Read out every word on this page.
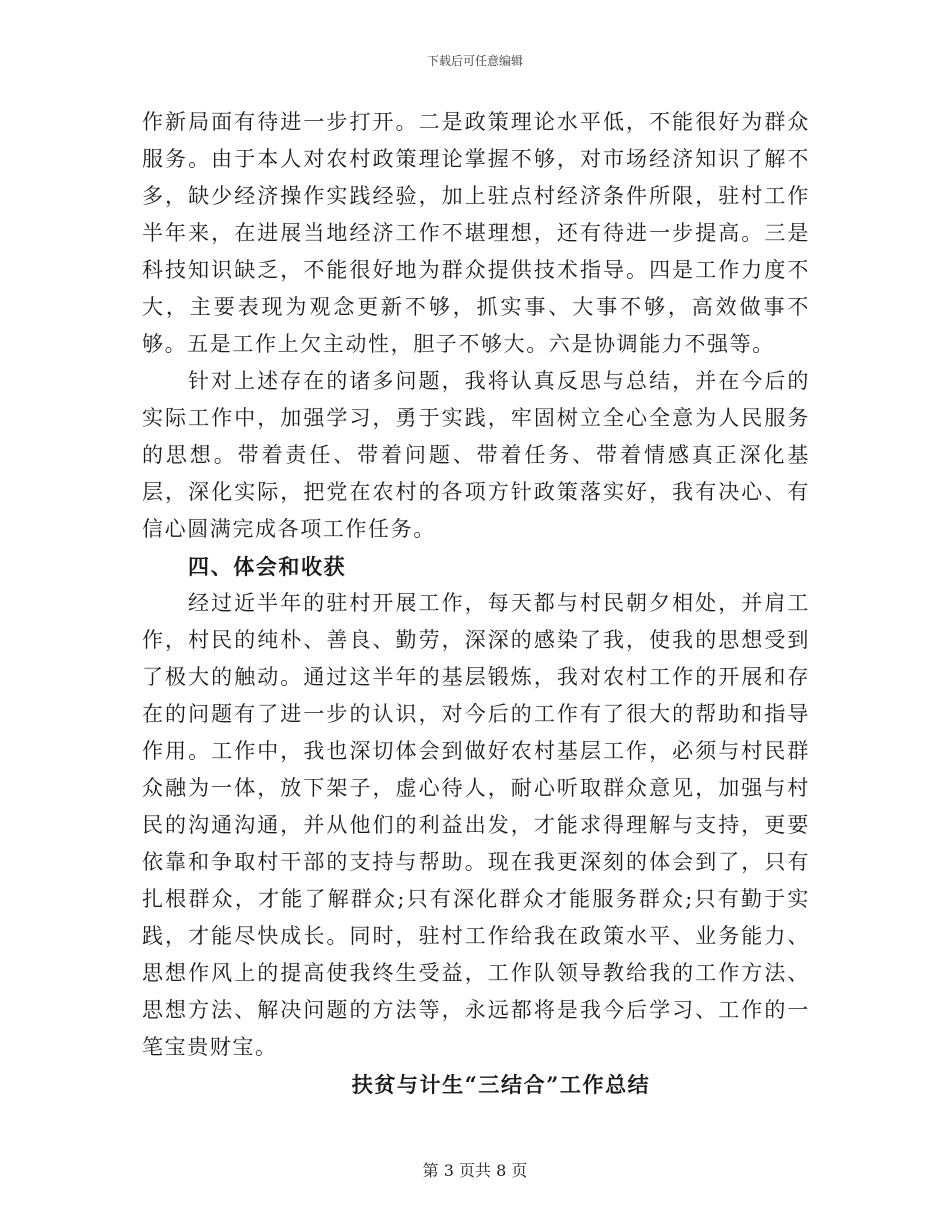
下载后可任意编辑

作新局面有待进一步打开。二是政策理论水平低，不能很好为群众服务。由于本人对农村政策理论掌握不够，对市场经济知识了解不多，缺少经济操作实践经验，加上驻点村经济条件所限，驻村工作半年来，在进展当地经济工作不堪理想，还有待进一步提高。三是科技知识缺乏，不能很好地为群众提供技术指导。四是工作力度不大，主要表现为观念更新不够，抓实事、大事不够，高效做事不够。五是工作上欠主动性，胆子不够大。六是协调能力不强等。

针对上述存在的诸多问题，我将认真反思与总结，并在今后的实际工作中，加强学习，勇于实践，牢固树立全心全意为人民服务的思想。带着责任、带着问题、带着任务、带着情感真正深化基层，深化实际，把党在农村的各项方针政策落实好，我有决心、有信心圆满完成各项工作任务。

四、体会和收获

经过近半年的驻村开展工作，每天都与村民朝夕相处，并肩工作，村民的纯朴、善良、勤劳，深深的感染了我，使我的思想受到了极大的触动。通过这半年的基层锻炼，我对农村工作的开展和存在的问题有了进一步的认识，对今后的工作有了很大的帮助和指导作用。工作中，我也深切体会到做好农村基层工作，必须与村民群众融为一体，放下架子，虚心待人，耐心听取群众意见，加强与村民的沟通沟通，并从他们的利益出发，才能求得理解与支持，更要依靠和争取村干部的支持与帮助。现在我更深刻的体会到了，只有扎根群众，才能了解群众;只有深化群众才能服务群众;只有勤于实践，才能尽快成长。同时，驻村工作给我在政策水平、业务能力、思想作风上的提高使我终生受益，工作队领导教给我的工作方法、思想方法、解决问题的方法等，永远都将是我今后学习、工作的一笔宝贵财宝。

扶贫与计生“三结合”工作总结

第 3 页共 8 页
